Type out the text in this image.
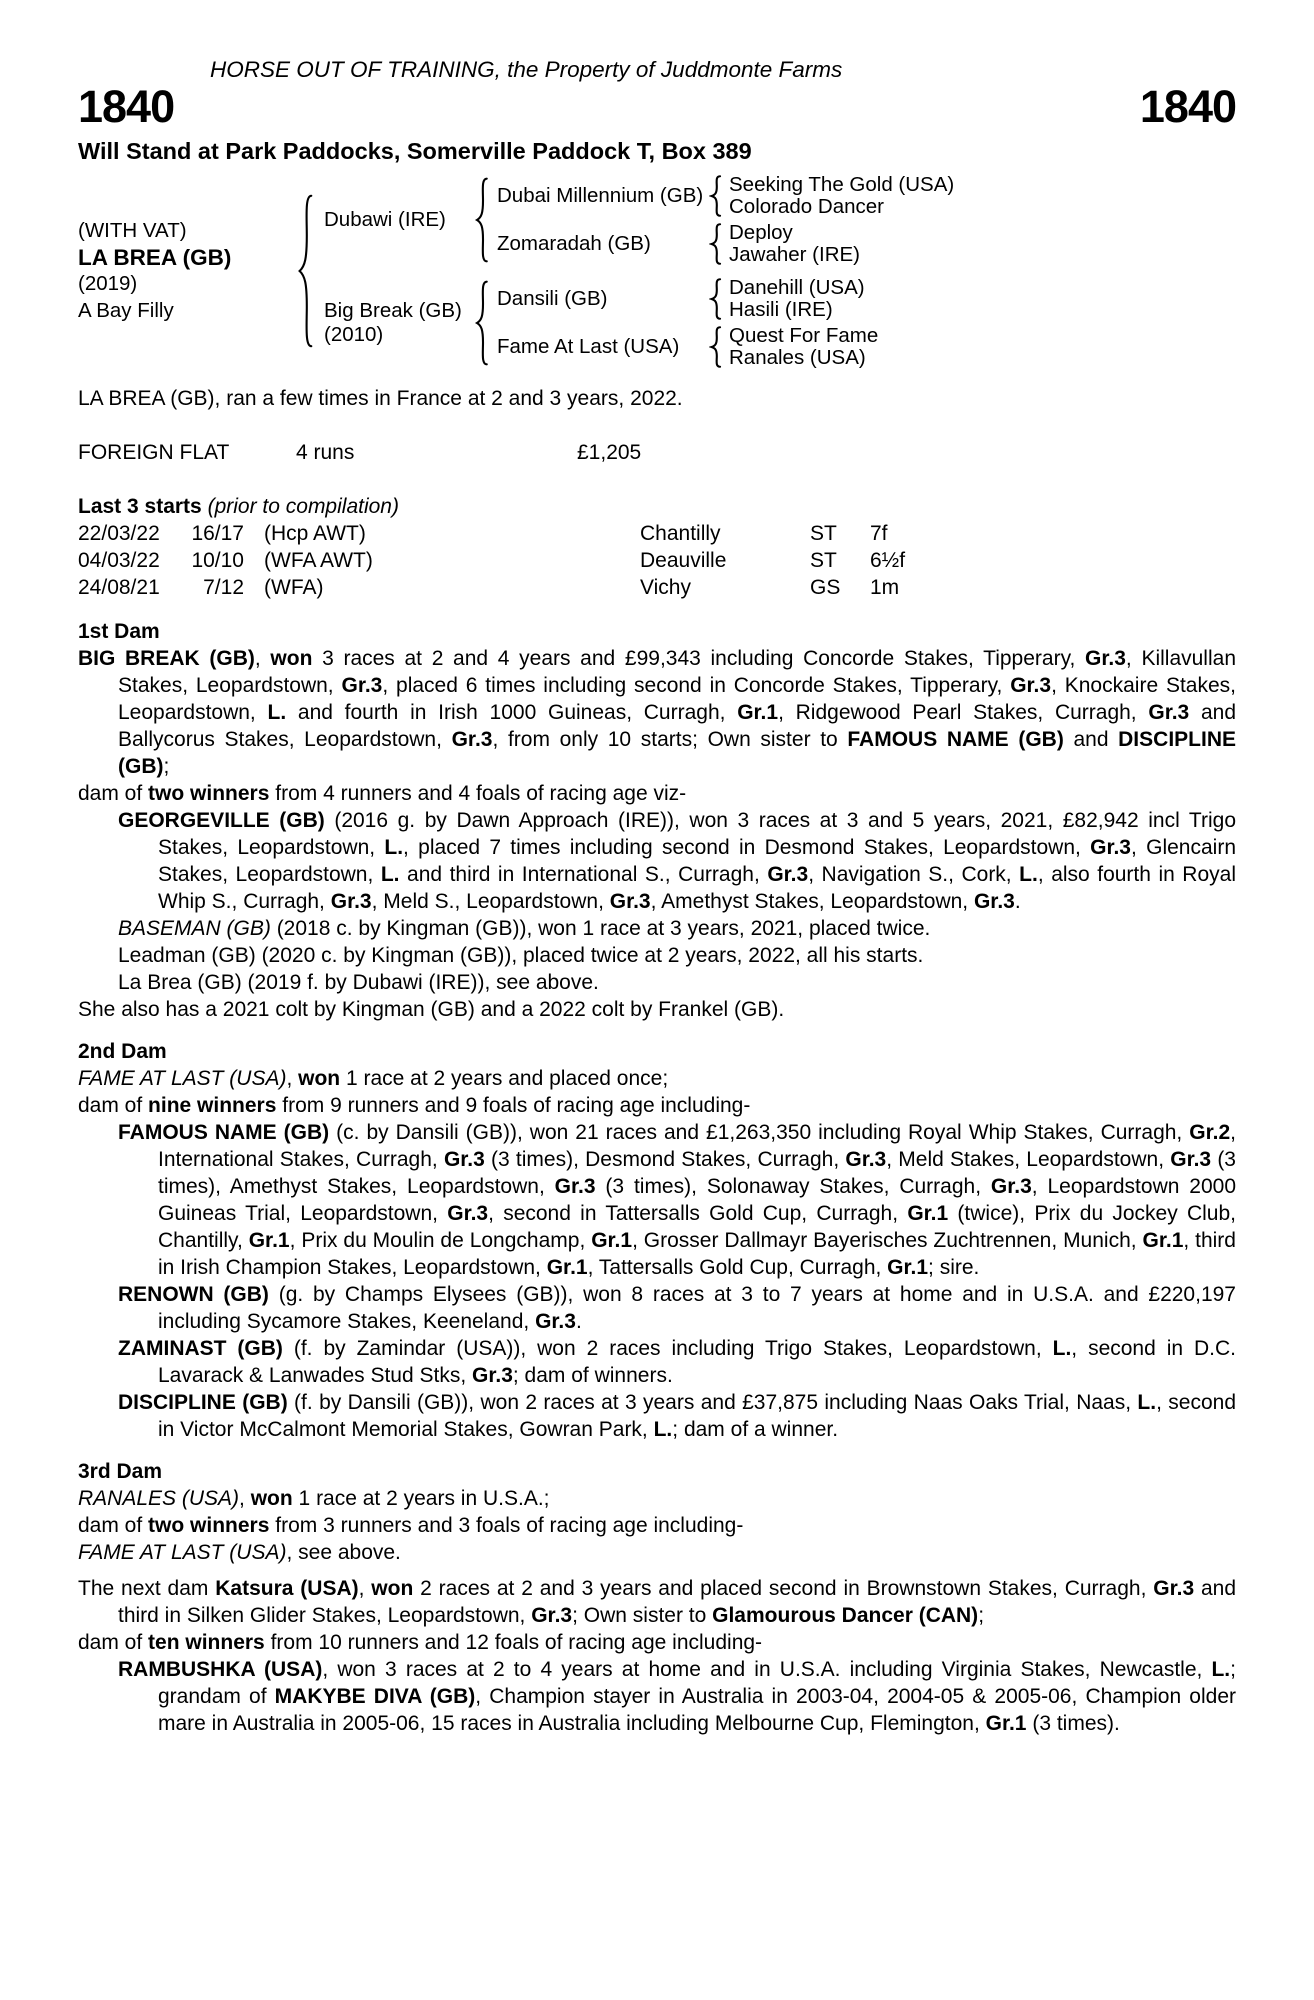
HORSE OUT OF TRAINING, the Property of Juddmonte Farms
1840	1840
Will Stand at Park Paddocks, Somerville Paddock T, Box 389
(WITH VAT)
LA BREA (GB)
(2019)
A Bay Filly
Dubawi (IRE)
Dubai Millennium (GB) Seeking The Gold (USA)
Colorado Dancer
Zomaradah (GB)	Deploy
Jawaher (IRE)
Big Break (GB)
(2010)
Dansili (GB)	Danehill (USA)
Hasili (IRE)
Fame At Last (USA)	Quest For Fame
Ranales (USA)

LA BREA (GB), ran a few times in France at 2 and 3 years, 2022.

FOREIGN FLAT	4 runs	£1,205
Last 3 starts (prior to compilation)
22/03/22	16/17 (Hcp AWT)	Chantilly	ST	7f
04/03/22	10/10 (WFA AWT)	Deauville	ST	6½f
24/08/21	7/12 (WFA)	Vichy	GS	1m
1st Dam

BIG BREAK (GB), won 3 races at 2 and 4 years and £99,343 including Concorde Stakes, Tipperary, Gr.3, Killavullan Stakes, Leopardstown, Gr.3, placed 6 times including second in Concorde Stakes, Tipperary, Gr.3, Knockaire Stakes, Leopardstown, L. and fourth in Irish 1000 Guineas, Curragh, Gr.1, Ridgewood Pearl Stakes, Curragh, Gr.3 and Ballycorus Stakes, Leopardstown, Gr.3, from only 10 starts; Own sister to FAMOUS NAME (GB) and DISCIPLINE (GB);

dam of two winners from 4 runners and 4 foals of racing age viz-

GEORGEVILLE (GB) (2016 g. by Dawn Approach (IRE)), won 3 races at 3 and 5 years, 2021, £82,942 incl Trigo Stakes, Leopardstown, L., placed 7 times including second in Desmond Stakes, Leopardstown, Gr.3, Glencairn Stakes, Leopardstown, L. and third in International S., Curragh, Gr.3, Navigation S., Cork, L., also fourth in Royal Whip S., Curragh, Gr.3, Meld S., Leopardstown, Gr.3, Amethyst Stakes, Leopardstown, Gr.3.

BASEMAN (GB) (2018 c. by Kingman (GB)), won 1 race at 3 years, 2021, placed twice.

Leadman (GB) (2020 c. by Kingman (GB)), placed twice at 2 years, 2022, all his starts.

La Brea (GB) (2019 f. by Dubawi (IRE)), see above.

She also has a 2021 colt by Kingman (GB) and a 2022 colt by Frankel (GB).

2nd Dam

FAME AT LAST (USA), won 1 race at 2 years and placed once;

dam of nine winners from 9 runners and 9 foals of racing age including-

FAMOUS NAME (GB) (c. by Dansili (GB)), won 21 races and £1,263,350 including Royal Whip Stakes, Curragh, Gr.2, International Stakes, Curragh, Gr.3 (3 times), Desmond Stakes, Curragh, Gr.3, Meld Stakes, Leopardstown, Gr.3 (3 times), Amethyst Stakes, Leopardstown, Gr.3 (3 times), Solonaway Stakes, Curragh, Gr.3, Leopardstown 2000 Guineas Trial, Leopardstown, Gr.3, second in Tattersalls Gold Cup, Curragh, Gr.1 (twice), Prix du Jockey Club, Chantilly, Gr.1, Prix du Moulin de Longchamp, Gr.1, Grosser Dallmayr Bayerisches Zuchtrennen, Munich, Gr.1, third in Irish Champion Stakes, Leopardstown, Gr.1, Tattersalls Gold Cup, Curragh, Gr.1; sire.

RENOWN (GB) (g. by Champs Elysees (GB)), won 8 races at 3 to 7 years at home and in U.S.A. and £220,197 including Sycamore Stakes, Keeneland, Gr.3.

ZAMINAST (GB) (f. by Zamindar (USA)), won 2 races including Trigo Stakes, Leopardstown, L., second in D.C. Lavarack & Lanwades Stud Stks, Gr.3; dam of winners.

DISCIPLINE (GB) (f. by Dansili (GB)), won 2 races at 3 years and £37,875 including Naas Oaks Trial, Naas, L., second in Victor McCalmont Memorial Stakes, Gowran Park, L.; dam of a winner.

3rd Dam

RANALES (USA), won 1 race at 2 years in U.S.A.;

dam of two winners from 3 runners and 3 foals of racing age including-

FAME AT LAST (USA), see above.

The next dam Katsura (USA), won 2 races at 2 and 3 years and placed second in Brownstown Stakes, Curragh, Gr.3 and third in Silken Glider Stakes, Leopardstown, Gr.3; Own sister to Glamourous Dancer (CAN);

dam of ten winners from 10 runners and 12 foals of racing age including-

RAMBUSHKA (USA), won 3 races at 2 to 4 years at home and in U.S.A. including Virginia Stakes, Newcastle, L.; grandam of MAKYBE DIVA (GB), Champion stayer in Australia in 2003-04, 2004-05 & 2005-06, Champion older mare in Australia in 2005-06, 15 races in Australia including Melbourne Cup, Flemington, Gr.1 (3 times).
